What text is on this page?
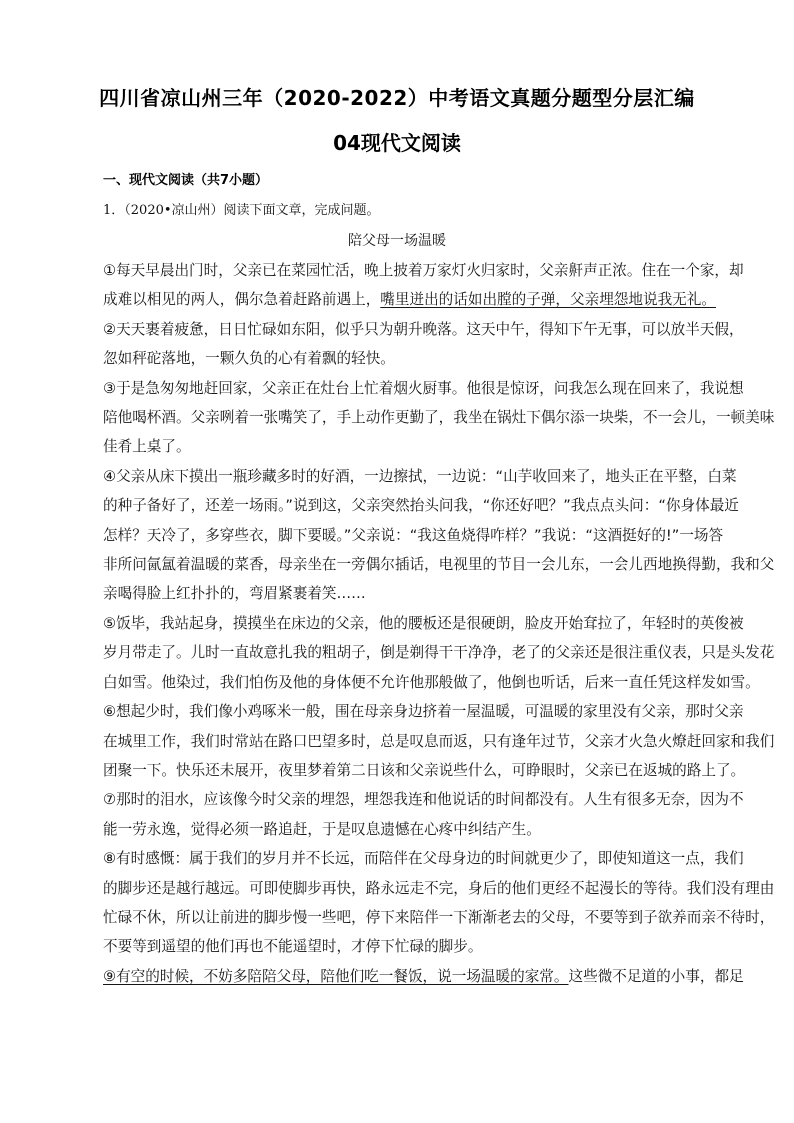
四川省凉山州三年（2020-2022）中考语文真题分题型分层汇编
04现代文阅读
一、现代文阅读（共7小题）
1．（2020•凉山州）阅读下面文章，完成问题。
陪父母一场温暖

①每天早晨出门时，父亲已在菜园忙活，晚上披着万家灯火归家时，父亲鼾声正浓。住在一个家，却
成难以相见的两人，偶尔急着赶路前遇上，嘴里迸出的话如出膛的子弹，父亲埋怨地说我无礼。

②天天裹着疲惫，日日忙碌如东阳，似乎只为朝升晚落。这天中午，得知下午无事，可以放半天假，
忽如秤砣落地，一颗久负的心有着飘的轻快。

③于是急匆匆地赶回家，父亲正在灶台上忙着烟火厨事。他很是惊讶，问我怎么现在回来了，我说想
陪他喝杯酒。父亲咧着一张嘴笑了，手上动作更勤了，我坐在锅灶下偶尔添一块柴，不一会儿，一顿美味
佳肴上桌了。

④父亲从床下摸出一瓶珍藏多时的好酒，一边擦拭，一边说：“山芋收回来了，地头正在平整，白菜
的种子备好了，还差一场雨。”说到这，父亲突然抬头问我，“你还好吧？”我点点头问：“你身体最近
怎样？天冷了，多穿些衣，脚下要暖。”父亲说：“我这鱼烧得咋样？”我说：“这酒挺好的!”一场答
非所问氤氲着温暖的菜香，母亲坐在一旁偶尔插话，电视里的节目一会儿东，一会儿西地换得勤，我和父
亲喝得脸上红扑扑的，弯眉紧裹着笑……

⑤饭毕，我站起身，摸摸坐在床边的父亲，他的腰板还是很硬朗，脸皮开始耷拉了，年轻时的英俊被
岁月带走了。儿时一直故意扎我的粗胡子，倒是剃得干干净净，老了的父亲还是很注重仪表，只是头发花
白如雪。他染过，我们怕伤及他的身体便不允许他那般做了，他倒也听话，后来一直任凭这样发如雪。

⑥想起少时，我们像小鸡啄米一般，围在母亲身边挤着一屋温暖，可温暖的家里没有父亲，那时父亲
在城里工作，我们时常站在路口巴望多时，总是叹息而返，只有逢年过节，父亲才火急火燎赶回家和我们
团聚一下。快乐还未展开，夜里梦着第二日该和父亲说些什么，可睁眼时，父亲已在返城的路上了。

⑦那时的泪水，应该像今时父亲的埋怨，埋怨我连和他说话的时间都没有。人生有很多无奈，因为不
能一劳永逸，觉得必须一路追赶，于是叹息遗憾在心疼中纠结产生。

⑧有时感慨：属于我们的岁月并不长远，而陪伴在父母身边的时间就更少了，即使知道这一点，我们
的脚步还是越行越远。可即使脚步再快，路永远走不完，身后的他们更经不起漫长的等待。我们没有理由
忙碌不休，所以让前进的脚步慢一些吧，停下来陪伴一下渐渐老去的父母，不要等到子欲养而亲不待时，
不要等到遥望的他们再也不能遥望时，才停下忙碌的脚步。

⑨有空的时候，不妨多陪陪父母，陪他们吃一餐饭，说一场温暖的家常。这些微不足道的小事，都足
